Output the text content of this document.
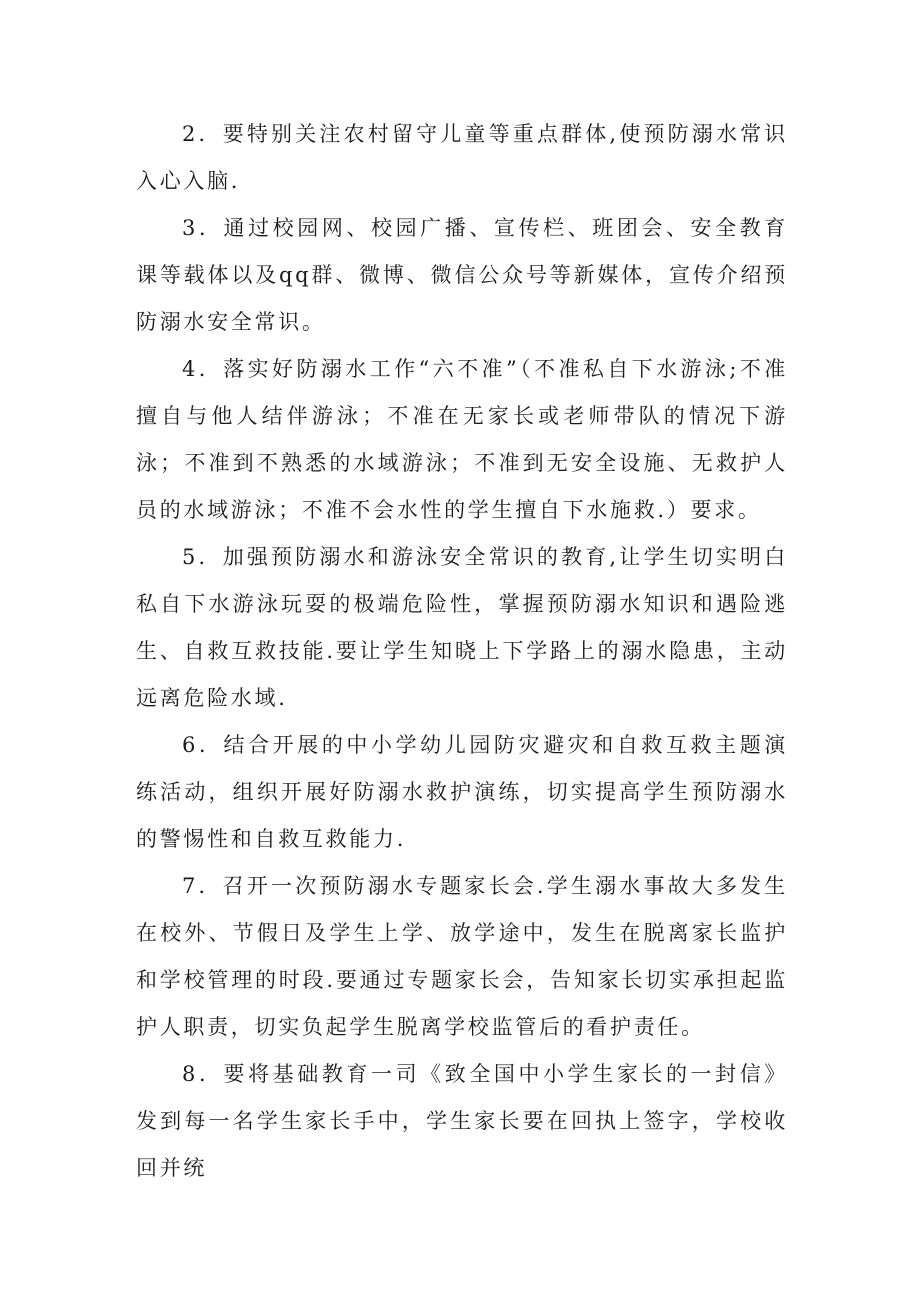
2．要特别关注农村留守儿童等重点群体,使预防溺水常识入心入脑.

3．通过校园网、校园广播、宣传栏、班团会、安全教育课等载体以及qq群、微博、微信公众号等新媒体，宣传介绍预防溺水安全常识。

4．落实好防溺水工作“六不准”（不准私自下水游泳;不准擅自与他人结伴游泳；不准在无家长或老师带队的情况下游泳；不准到不熟悉的水域游泳；不准到无安全设施、无救护人员的水域游泳；不准不会水性的学生擅自下水施救.）要求。

5．加强预防溺水和游泳安全常识的教育,让学生切实明白私自下水游泳玩耍的极端危险性，掌握预防溺水知识和遇险逃生、自救互救技能.要让学生知晓上下学路上的溺水隐患，主动远离危险水域.

6．结合开展的中小学幼儿园防灾避灾和自救互救主题演练活动，组织开展好防溺水救护演练，切实提高学生预防溺水的警惕性和自救互救能力.

7．召开一次预防溺水专题家长会.学生溺水事故大多发生在校外、节假日及学生上学、放学途中，发生在脱离家长监护和学校管理的时段.要通过专题家长会，告知家长切实承担起监护人职责，切实负起学生脱离学校监管后的看护责任。

8．要将基础教育一司《致全国中小学生家长的一封信》发到每一名学生家长手中，学生家长要在回执上签字，学校收回并统
